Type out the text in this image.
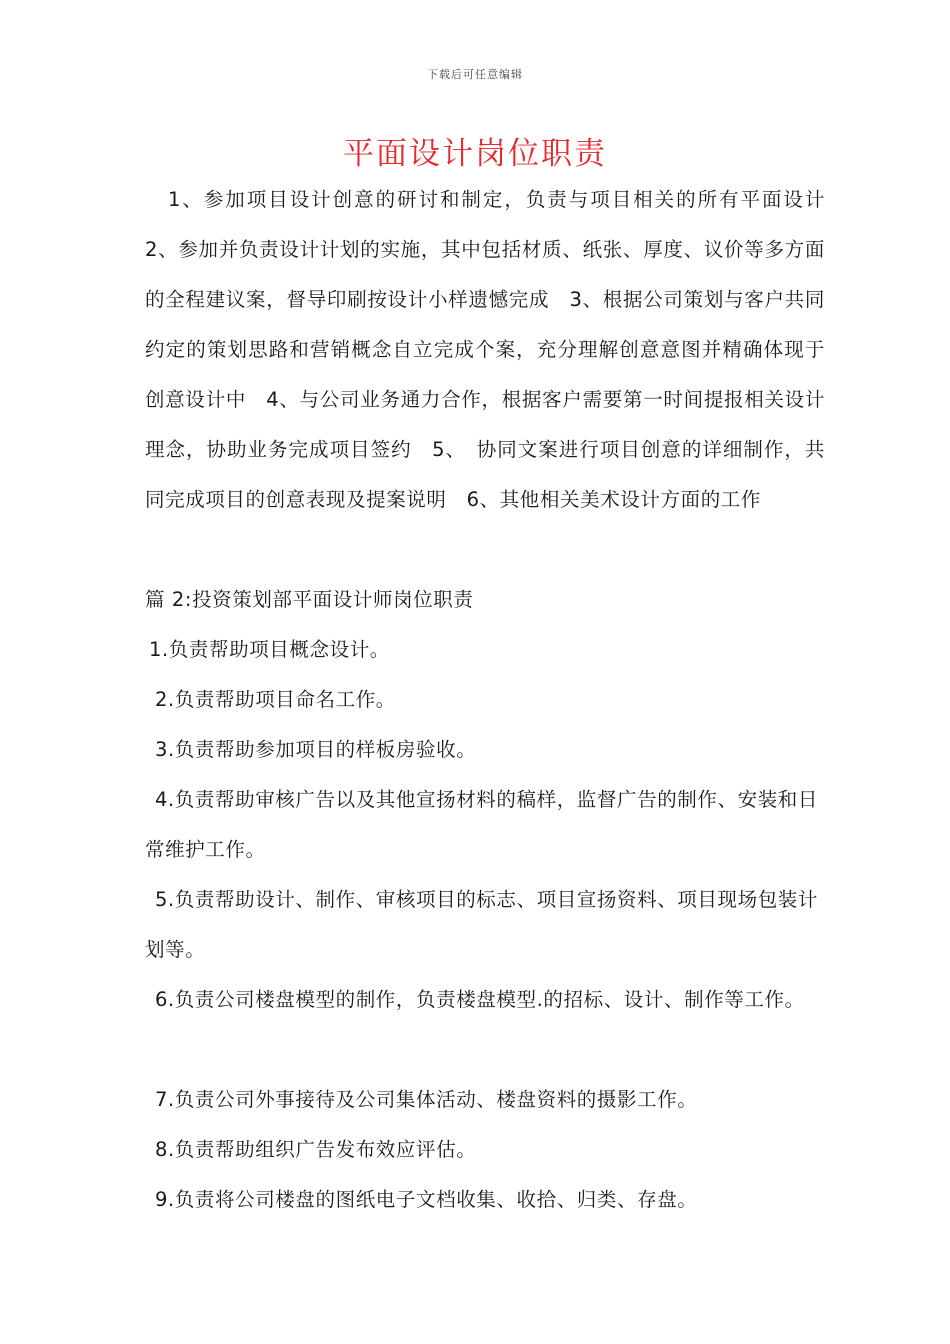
下载后可任意编辑
平面设计岗位职责
1、参加项目设计创意的研讨和制定，负责与项目相关的所有平面设计　2、参加并负责设计计划的实施，其中包括材质、纸张、厚度、议价等多方面的全程建议案，督导印刷按设计小样遗憾完成　3、根据公司策划与客户共同约定的策划思路和营销概念自立完成个案，充分理解创意意图并精确体现于创意设计中　4、与公司业务通力合作，根据客户需要第一时间提报相关设计理念，协助业务完成项目签约　5、　协同文案进行项目创意的详细制作，共同完成项目的创意表现及提案说明　6、其他相关美术设计方面的工作
篇 2:投资策划部平面设计师岗位职责
1.负责帮助项目概念设计。
2.负责帮助项目命名工作。
3.负责帮助参加项目的样板房验收。
4.负责帮助审核广告以及其他宣扬材料的稿样，监督广告的制作、安装和日常维护工作。
5.负责帮助设计、制作、审核项目的标志、项目宣扬资料、项目现场包装计划等。
6.负责公司楼盘模型的制作，负责楼盘模型.的招标、设计、制作等工作。
7.负责公司外事接待及公司集体活动、楼盘资料的摄影工作。
8.负责帮助组织广告发布效应评估。
9.负责将公司楼盘的图纸电子文档收集、收拾、归类、存盘。
